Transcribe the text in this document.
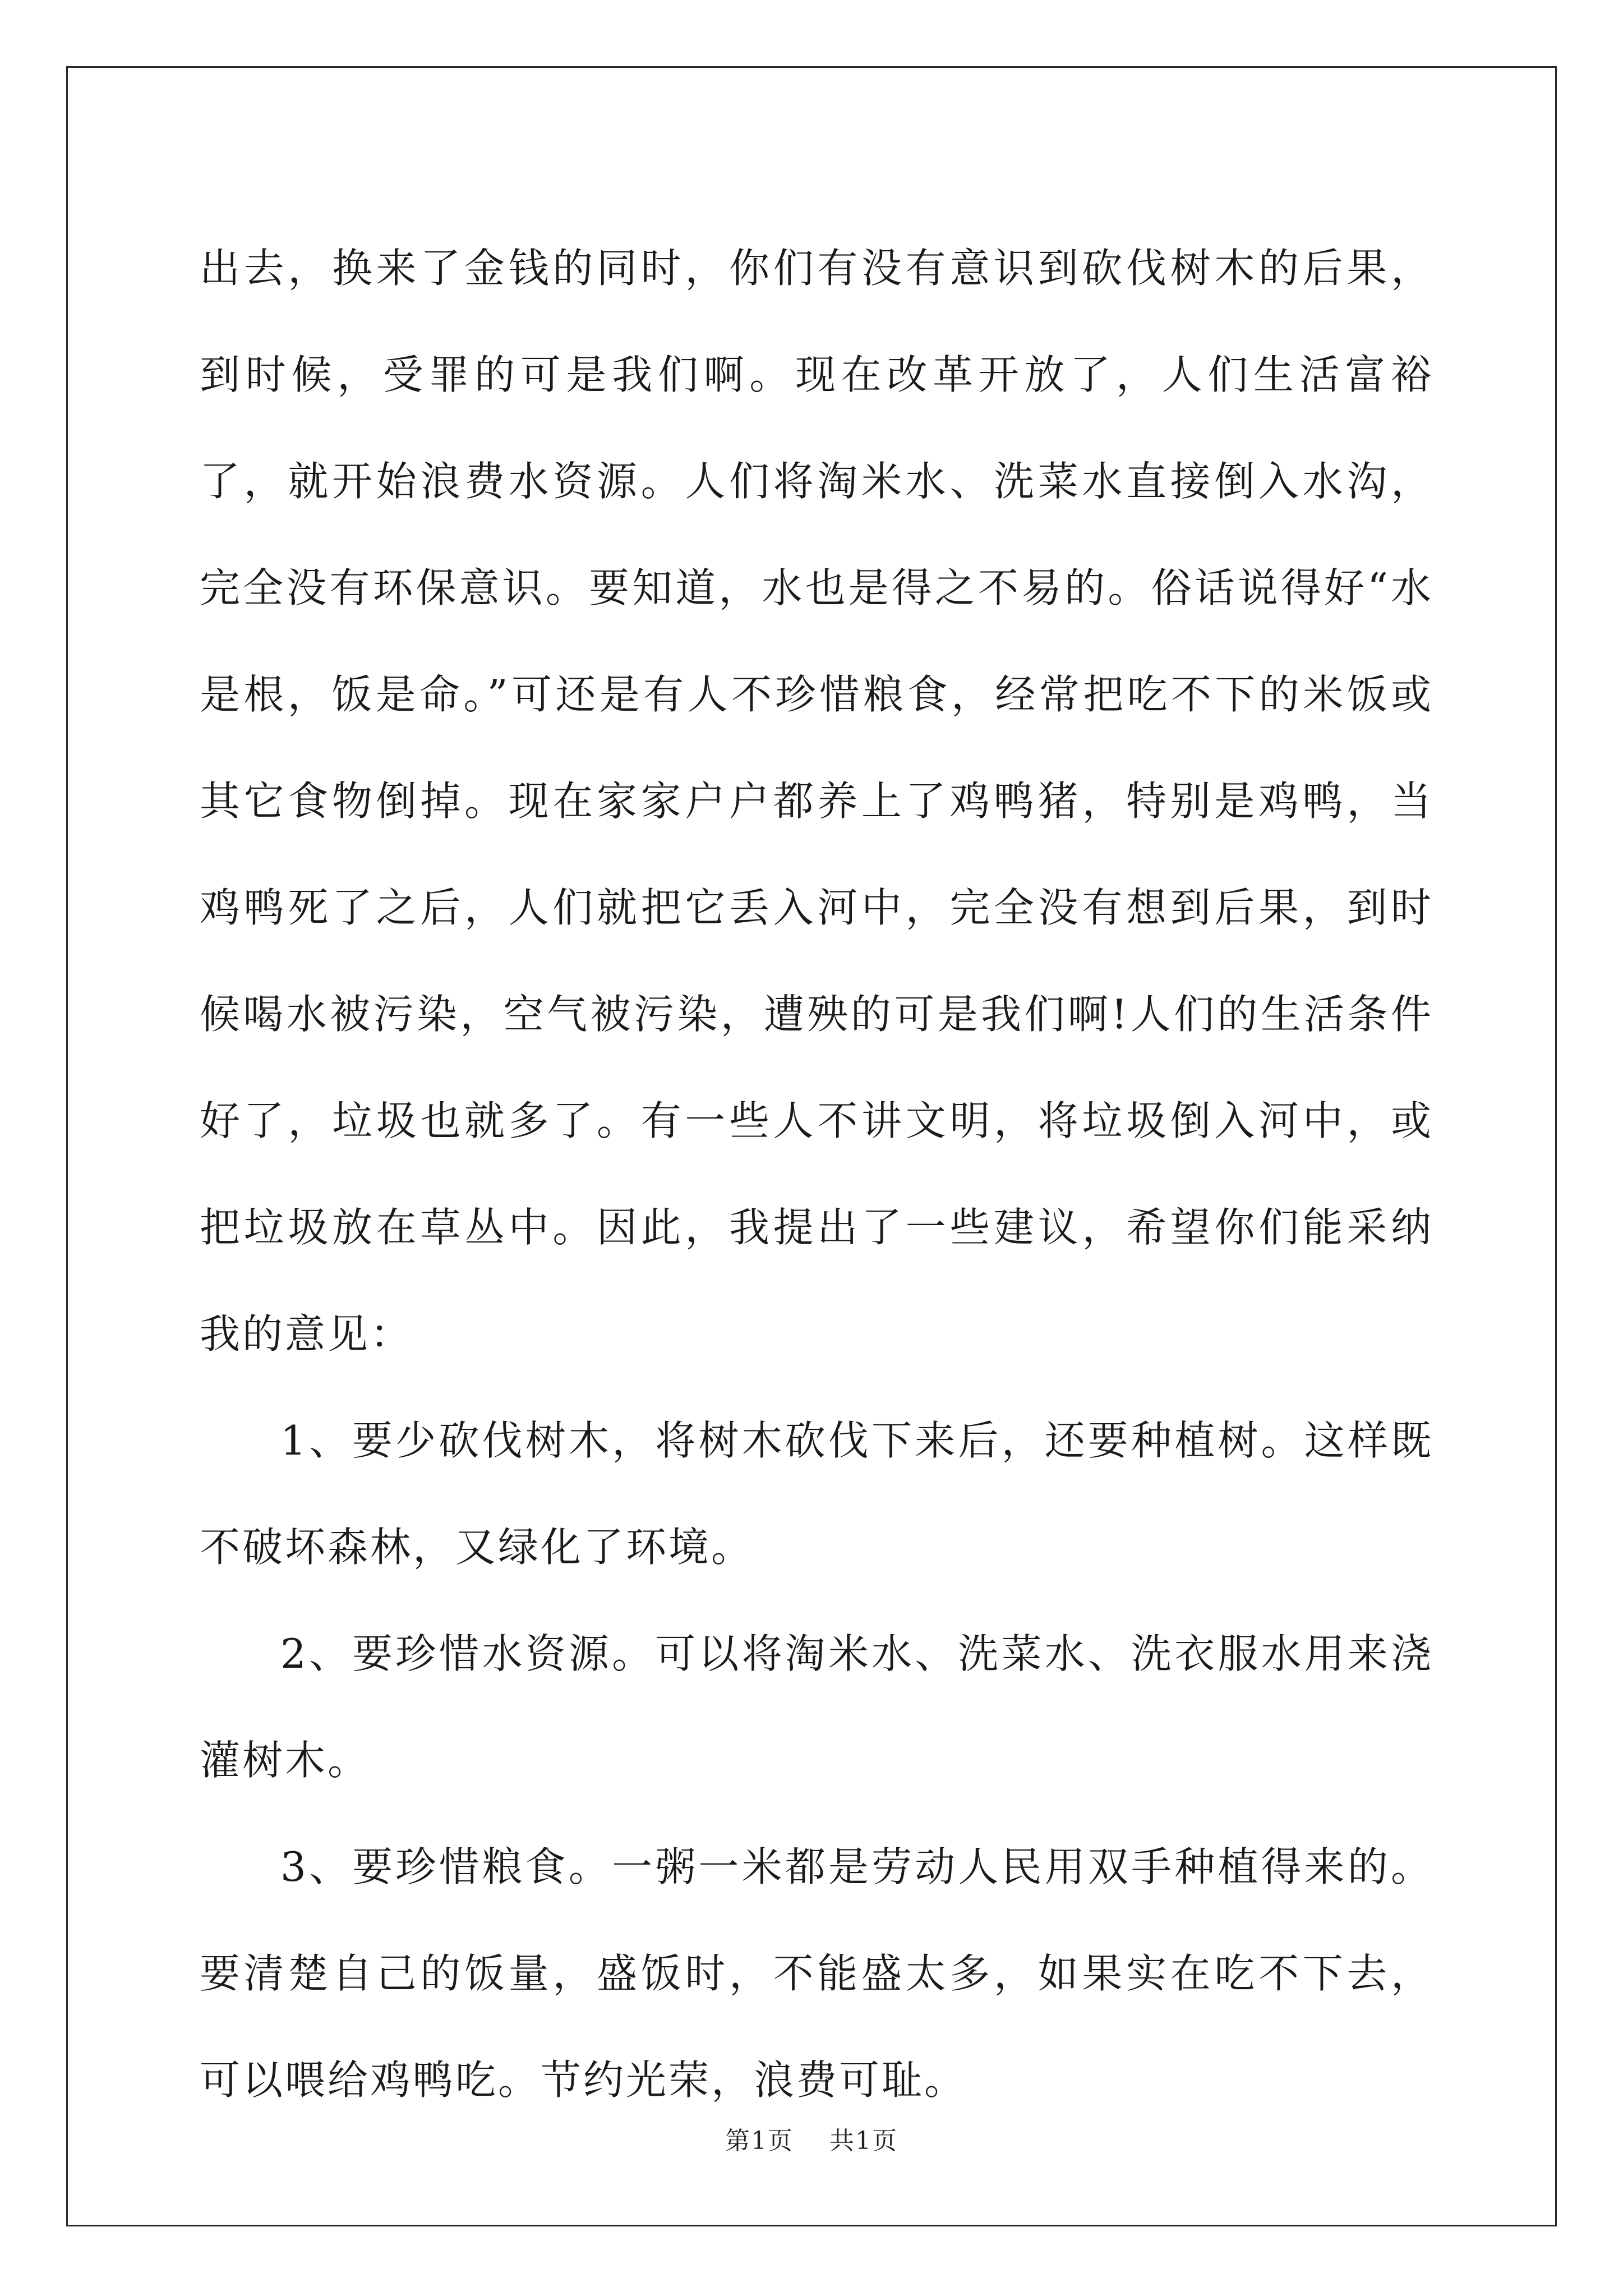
出去，换来了金钱的同时，你们有没有意识到砍伐树木的后果，到时候，受罪的可是我们啊。现在改革开放了，人们生活富裕了，就开始浪费水资源。人们将淘米水、洗菜水直接倒入水沟，完全没有环保意识。要知道，水也是得之不易的。俗话说得好“水是根，饭是命。”可还是有人不珍惜粮食，经常把吃不下的米饭或其它食物倒掉。现在家家户户都养上了鸡鸭猪，特别是鸡鸭，当鸡鸭死了之后，人们就把它丢入河中，完全没有想到后果，到时候喝水被污染，空气被污染，遭殃的可是我们啊!人们的生活条件好了，垃圾也就多了。有一些人不讲文明，将垃圾倒入河中，或把垃圾放在草丛中。因此，我提出了一些建议，希望你们能采纳我的意见：

1、要少砍伐树木，将树木砍伐下来后，还要种植树。这样既不破坏森林，又绿化了环境。

2、要珍惜水资源。可以将淘米水、洗菜水、洗衣服水用来浇灌树木。

3、要珍惜粮食。一粥一米都是劳动人民用双手种植得来的。要清楚自己的饭量，盛饭时，不能盛太多，如果实在吃不下去，可以喂给鸡鸭吃。节约光荣，浪费可耻。

第1页 共1页
